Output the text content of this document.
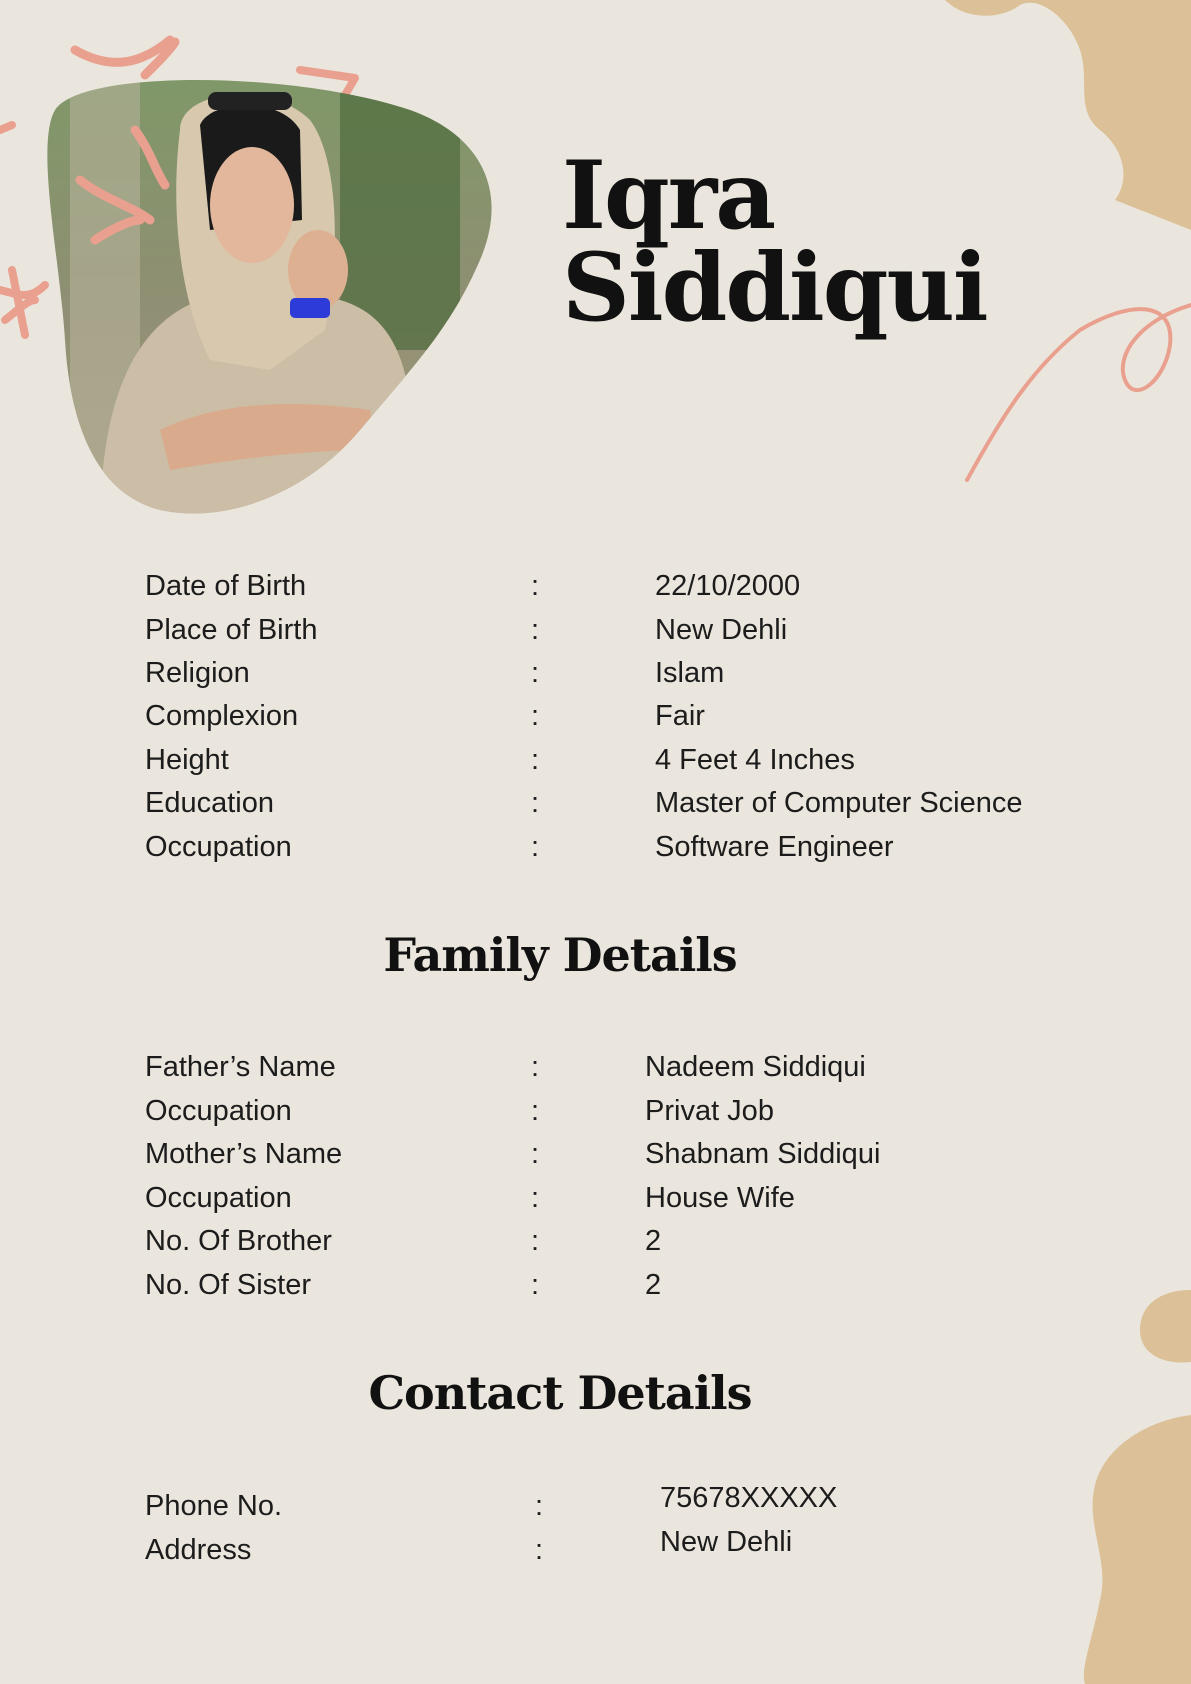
Iqra
Siddiqui
Date of Birth	:	22/10/2000
Place of Birth	:	New Dehli
Religion	:	Islam
Complexion	:	Fair
Height	:	4 Feet 4 Inches
Education	:	Master of Computer Science
Occupation	:	Software Engineer
Family Details
Father’s Name	:	Nadeem Siddiqui
Occupation	:	Privat Job
Mother’s Name	:	Shabnam Siddiqui
Occupation	:	House Wife
No. Of Brother	:	2
No. Of Sister	:	2
Contact Details
Phone No.	:	75678XXXXX
Address	:	New Dehli
